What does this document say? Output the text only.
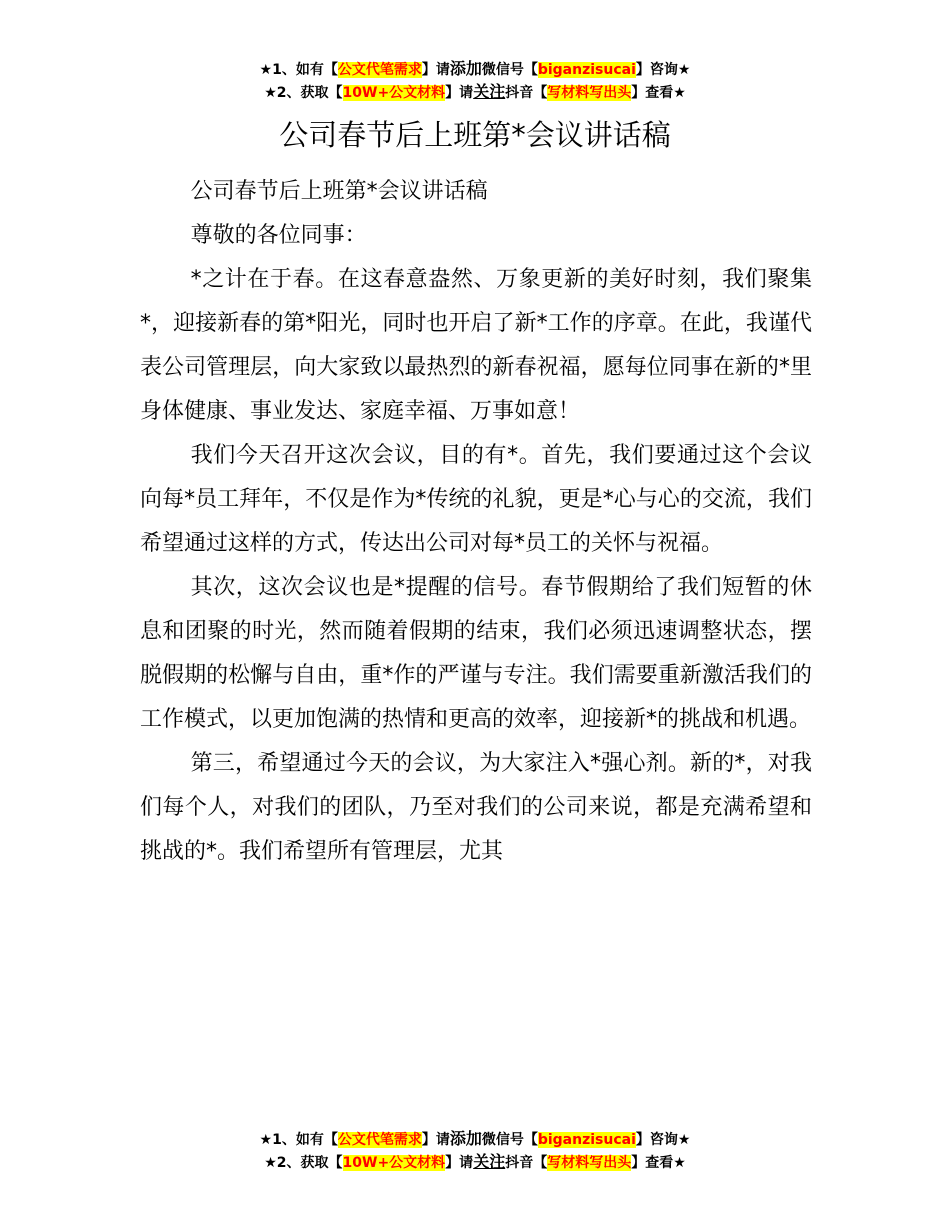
★1、如有【公文代笔需求】请添加微信号【biganzisucai】咨询★
★2、获取【10W+公文材料】请关注抖音【写材料写出头】查看★
公司春节后上班第*会议讲话稿

公司春节后上班第*会议讲话稿

尊敬的各位同事：

*之计在于春。在这春意盎然、万象更新的美好时刻，我们聚集*，迎接新春的第*阳光，同时也开启了新*工作的序章。在此，我谨代表公司管理层，向大家致以最热烈的新春祝福，愿每位同事在新的*里身体健康、事业发达、家庭幸福、万事如意！

我们今天召开这次会议，目的有*。首先，我们要通过这个会议向每*员工拜年，不仅是作为*传统的礼貌，更是*心与心的交流，我们希望通过这样的方式，传达出公司对每*员工的关怀与祝福。

其次，这次会议也是*提醒的信号。春节假期给了我们短暂的休息和团聚的时光，然而随着假期的结束，我们必须迅速调整状态，摆脱假期的松懈与自由，重*作的严谨与专注。我们需要重新激活我们的工作模式，以更加饱满的热情和更高的效率，迎接新*的挑战和机遇。

第三，希望通过今天的会议，为大家注入*强心剂。新的*，对我们每个人，对我们的团队，乃至对我们的公司来说，都是充满希望和挑战的*。我们希望所有管理层，尤其

★1、如有【公文代笔需求】请添加微信号【biganzisucai】咨询★
★2、获取【10W+公文材料】请关注抖音【写材料写出头】查看★
